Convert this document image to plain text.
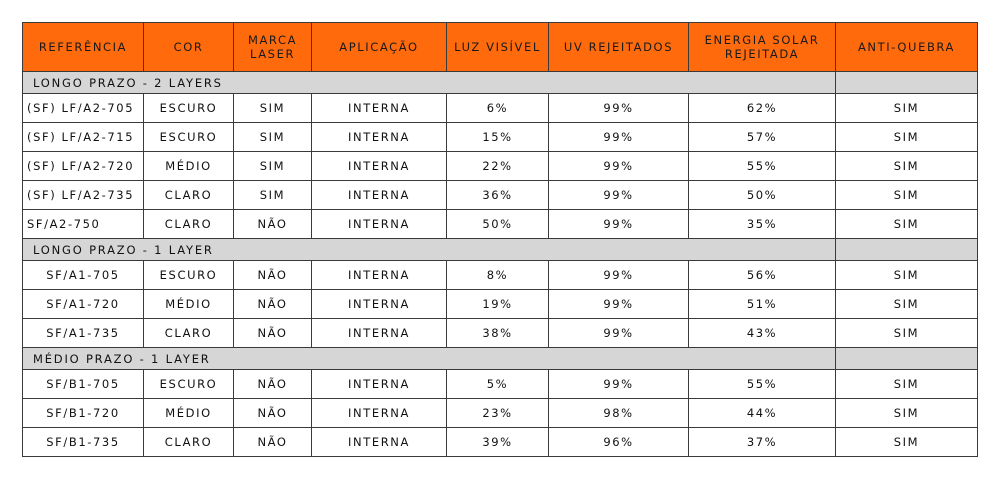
REFERÊNCIA	COR	MARCA LASER	APLICAÇÃO	LUZ VISÍVEL	UV REJEITADOS	ENERGIA SOLAR REJEITADA	ANTI-QUEBRA
LONGO PRAZO - 2 LAYERS							
(SF) LF/A2-705	ESCURO	SIM	INTERNA	6%	99%	62%	SIM
(SF) LF/A2-715	ESCURO	SIM	INTERNA	15%	99%	57%	SIM
(SF) LF/A2-720	MÉDIO	SIM	INTERNA	22%	99%	55%	SIM
(SF) LF/A2-735	CLARO	SIM	INTERNA	36%	99%	50%	SIM
SF/A2-750	CLARO	NÃO	INTERNA	50%	99%	35%	SIM
LONGO PRAZO - 1 LAYER							
SF/A1-705	ESCURO	NÃO	INTERNA	8%	99%	56%	SIM
SF/A1-720	MÉDIO	NÃO	INTERNA	19%	99%	51%	SIM
SF/A1-735	CLARO	NÃO	INTERNA	38%	99%	43%	SIM
MÉDIO PRAZO - 1 LAYER							
SF/B1-705	ESCURO	NÃO	INTERNA	5%	99%	55%	SIM
SF/B1-720	MÉDIO	NÃO	INTERNA	23%	98%	44%	SIM
SF/B1-735	CLARO	NÃO	INTERNA	39%	96%	37%	SIM
